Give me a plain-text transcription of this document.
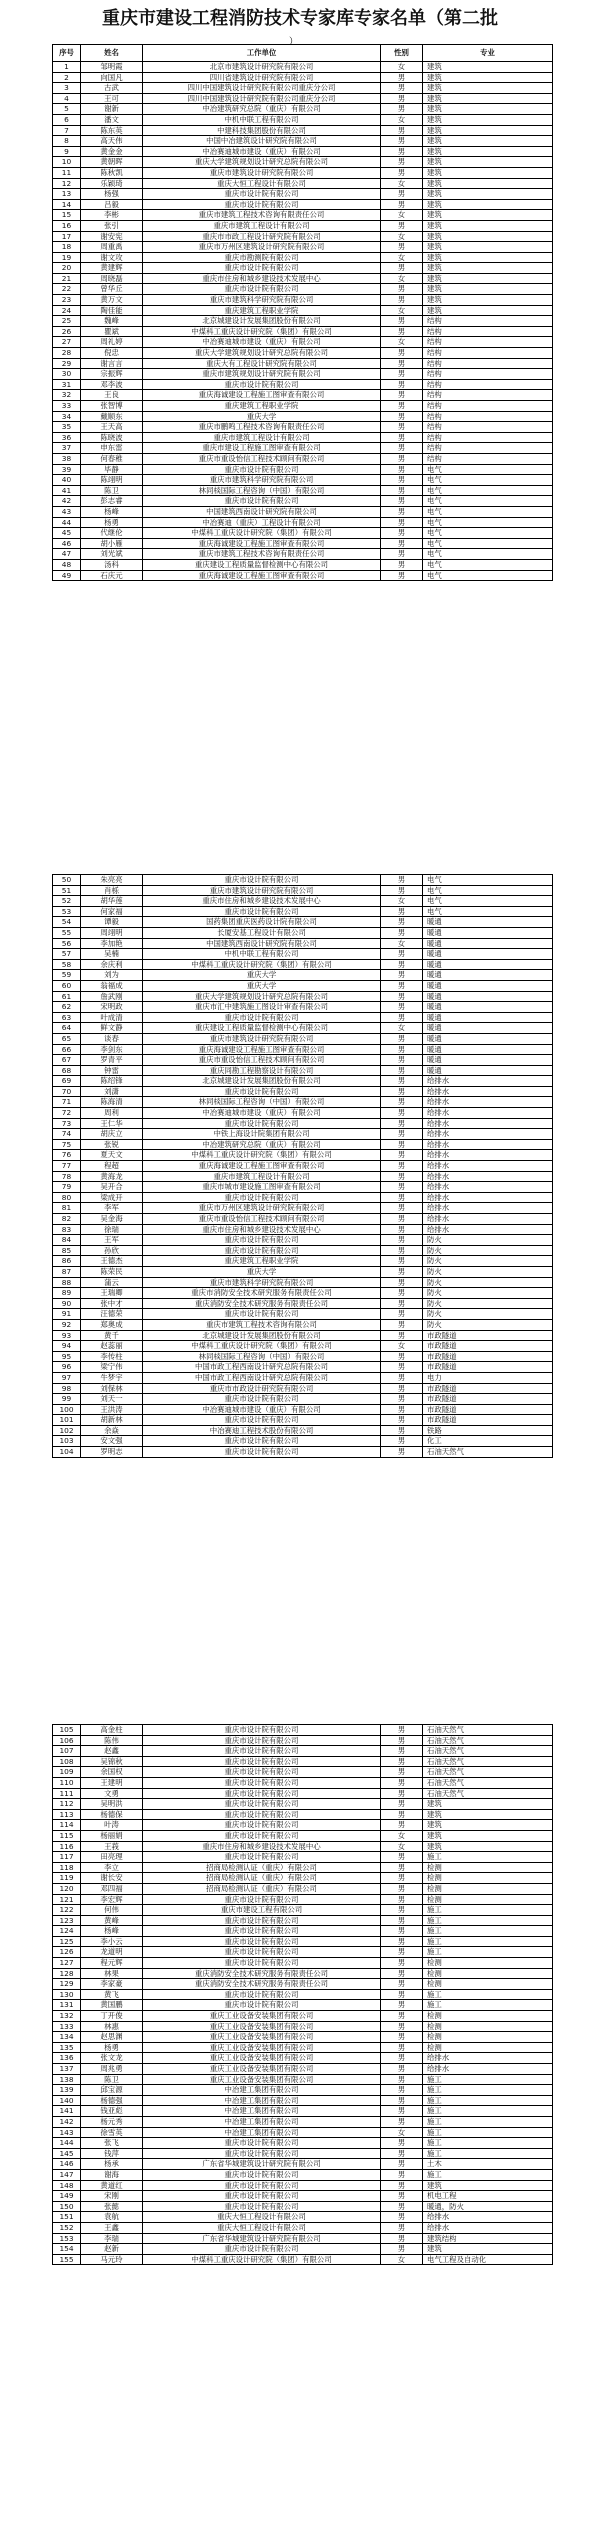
重庆市建设工程消防技术专家库专家名单（第二批
）
序号	姓名	工作单位	性别	专业
1	邹明霞	北京市建筑设计研究院有限公司	女	建筑
2	向国凡	四川省建筑设计研究院有限公司	男	建筑
3	古武	四川中国建筑设计研究院有限公司重庆分公司	男	建筑
4	王可	四川中国建筑设计研究院有限公司重庆分公司	男	建筑
5	谢新	中冶建筑研究总院（重庆）有限公司	男	建筑
6	潘文	中机中联工程有限公司	女	建筑
7	陈东英	中建科技集团股份有限公司	男	建筑
8	高天伟	中国中冶建筑设计研究院有限公司	男	建筑
9	黄金金	中冶赛迪城市建设（重庆）有限公司	男	建筑
10	黄朝晖	重庆大学建筑规划设计研究总院有限公司	男	建筑
11	陈秋凯	重庆市建筑设计研究院有限公司	男	建筑
12	乐颖琦	重庆大恒工程设计有限公司	女	建筑
13	杨强	重庆市设计院有限公司	男	建筑
14	吕毅	重庆市设计院有限公司	男	建筑
15	李彬	重庆市建筑工程技术咨询有限责任公司	女	建筑
16	张引	重庆市建筑工程设计有限公司	男	建筑
17	谢安宪	重庆市市政工程设计研究院有限公司	女	建筑
18	周重禹	重庆市万州区建筑设计研究院有限公司	男	建筑
19	谢文攻	重庆市勘测院有限公司	女	建筑
20	黄建辉	重庆市设计院有限公司	男	建筑
21	周晓磊	重庆市住房和城乡建设技术发展中心	女	建筑
22	曾华丘	重庆市设计院有限公司	男	建筑
23	黄万文	重庆市建筑科学研究院有限公司	男	建筑
24	陶佳能	重庆建筑工程职业学院	女	建筑
25	魏峰	北京城建设计发展集团股份有限公司	男	结构
26	瞿斌	中煤科工重庆设计研究院（集团）有限公司	男	结构
27	周礼婷	中冶赛迪城市建设（重庆）有限公司	女	结构
28	倪忠	重庆大学建筑规划设计研究总院有限公司	男	结构
29	谢言言	重庆大有工程设计研究院有限公司	男	结构
30	宗振辉	重庆市建筑规划设计研究院有限公司	男	结构
31	邓李波	重庆市设计院有限公司	男	结构
32	王良	重庆海诚建设工程施工图审查有限公司	男	结构
33	张智博	重庆建筑工程职业学院	男	结构
34	戴顺东	重庆大学	男	结构
35	王天高	重庆市鹏鸣工程技术咨询有限责任公司	男	结构
36	陈晓波	重庆市建筑工程设计有限公司	男	结构
37	申东雷	重庆市建设工程施工图审查有限公司	男	结构
38	何春稚	重庆市重设怡信工程技术顾问有限公司	男	结构
39	毕静	重庆市设计院有限公司	男	电气
40	陈翊明	重庆市建筑科学研究院有限公司	男	电气
41	陈卫	林同棪国际工程咨询（中国）有限公司	男	电气
42	彭志睿	重庆市设计院有限公司	男	电气
43	杨峰	中国建筑西南设计研究院有限公司	男	电气
44	杨勇	中冶赛迪（重庆）工程设计有限公司	男	电气
45	代继伦	中煤科工重庆设计研究院（集团）有限公司	男	电气
46	胡小雁	重庆海诚建设工程施工图审查有限公司	男	电气
47	刘光斌	重庆市建筑工程技术咨询有限责任公司	男	电气
48	汤科	重庆建设工程质量监督检测中心有限公司	男	电气
49	石庆元	重庆海诚建设工程施工图审查有限公司	男	电气
50	朱亮亮	重庆市设计院有限公司	男	电气
51	肖栎	重庆市建筑设计研究院有限公司	男	电气
52	胡华莲	重庆市住房和城乡建设技术发展中心	女	电气
53	何家福	重庆市设计院有限公司	男	电气
54	谭毅	国药集团重庆医药设计院有限公司	男	暖通
55	周翊明	长厦安基工程设计有限公司	男	暖通
56	李加艳	中国建筑西南设计研究院有限公司	女	暖通
57	吴楠	中机中联工程有限公司	男	暖通
58	余庆利	中煤科工重庆设计研究院（集团）有限公司	男	暖通
59	刘为	重庆大学	男	暖通
60	翁福成	重庆大学	男	暖通
61	詹武刚	重庆大学建筑规划设计研究总院有限公司	男	暖通
62	宋明政	重庆市汇中建筑施工图设计审查有限公司	男	暖通
63	叶成清	重庆市设计院有限公司	男	暖通
64	鲜文静	重庆建设工程质量监督检测中心有限公司	女	暖通
65	谈春	重庆市建筑设计研究院有限公司	男	暖通
66	李剑东	重庆海诚建设工程施工图审查有限公司	男	暖通
67	罗青平	重庆市重设怡信工程技术顾问有限公司	男	暖通
68	钟雷	重庆同勘工程勘察设计有限公司	男	暖通
69	陈绍锋	北京城建设计发展集团股份有限公司	男	给排水
70	刘潇	重庆市设计院有限公司	男	给排水
71	陈海清	林同棪国际工程咨询（中国）有限公司	男	给排水
72	周利	中冶赛迪城市建设（重庆）有限公司	男	给排水
73	王仁华	重庆市设计院有限公司	男	给排水
74	胡庆立	中铁上海设计院集团有限公司	男	给排水
75	张锐	中冶建筑研究总院（重庆）有限公司	男	给排水
76	夏天文	中煤科工重庆设计研究院（集团）有限公司	男	给排水
77	程超	重庆海诚建设工程施工图审查有限公司	男	给排水
78	黄海龙	重庆市建筑工程设计有限公司	男	给排水
79	吴开合	重庆市城市建设施工图审查有限公司	男	给排水
80	梁成开	重庆市设计院有限公司	男	给排水
81	李军	重庆市万州区建筑设计研究院有限公司	男	给排水
82	吴金海	重庆市重设怡信工程技术顾问有限公司	男	给排水
83	徐瑞	重庆市住房和城乡建设技术发展中心	男	给排水
84	王军	重庆市设计院有限公司	男	防火
85	孙欣	重庆市设计院有限公司	男	防火
86	王德杰	重庆建筑工程职业学院	男	防火
87	陈荣民	重庆大学	男	防火
88	蒲云	重庆市建筑科学研究院有限公司	男	防火
89	王瑞卿	重庆市消防安全技术研究服务有限责任公司	男	防火
90	张中才	重庆消防安全技术研究服务有限责任公司	男	防火
91	汪德荣	重庆市设计院有限公司	男	防火
92	郑奥成	重庆市建筑工程技术咨询有限公司	男	防火
93	黄千	北京城建设计发展集团股份有限公司	男	市政隧道
94	赵蕊丽	中煤科工重庆设计研究院（集团）有限公司	女	市政隧道
95	李传柱	林同棪国际工程咨询（中国）有限公司	男	市政隧道
96	梁宁伟	中国市政工程西南设计研究总院有限公司	男	市政隧道
97	牛梦宇	中国市政工程西南设计研究总院有限公司	男	电力
98	刘保林	重庆市市政设计研究院有限公司	男	市政隧道
99	刘天一	重庆市设计院有限公司	男	市政隧道
100	王洪涛	中冶赛迪城市建设（重庆）有限公司	男	市政隧道
101	胡新林	重庆市设计院有限公司	男	市政隧道
102	余焱	中冶赛迪工程技术股份有限公司	男	铁路
103	安文强	重庆市设计院有限公司	男	化工
104	罗明志	重庆市设计院有限公司	男	石油天然气
105	高金柱	重庆市设计院有限公司	男	石油天然气
106	陈伟	重庆市设计院有限公司	男	石油天然气
107	赵鑫	重庆市设计院有限公司	男	石油天然气
108	吴锦秋	重庆市设计院有限公司	男	石油天然气
109	余国权	重庆市设计院有限公司	男	石油天然气
110	王建明	重庆市设计院有限公司	男	石油天然气
111	文勇	重庆市设计院有限公司	男	石油天然气
112	吴明洪	重庆市设计院有限公司	男	建筑
113	杨德保	重庆市设计院有限公司	男	建筑
114	叶涛	重庆市设计院有限公司	男	建筑
115	杨丽娟	重庆市设计院有限公司	女	建筑
116	王莪	重庆市住房和城乡建设技术发展中心	女	建筑
117	田亮理	重庆市设计院有限公司	男	施工
118	李立	招商局检测认证（重庆）有限公司	男	检测
119	谢长安	招商局检测认证（重庆）有限公司	男	检测
120	邓四福	招商局检测认证（重庆）有限公司	男	检测
121	李宏辉	重庆市设计院有限公司	男	检测
122	何伟	重庆市建设工程有限公司	男	施工
123	黄峰	重庆市设计院有限公司	男	施工
124	杨峰	重庆市设计院有限公司	男	施工
125	李小云	重庆市设计院有限公司	男	施工
126	龙道明	重庆市设计院有限公司	男	施工
127	程元辉	重庆市设计院有限公司	男	检测
128	林果	重庆消防安全技术研究服务有限责任公司	男	检测
129	李家豪	重庆消防安全技术研究服务有限责任公司	男	检测
130	黄飞	重庆市设计院有限公司	男	施工
131	黄国鹏	重庆市设计院有限公司	男	施工
132	丁开俊	重庆工业设备安装集团有限公司	男	检测
133	林惠	重庆工业设备安装集团有限公司	男	检测
134	赵思渊	重庆工业设备安装集团有限公司	男	检测
135	杨勇	重庆工业设备安装集团有限公司	男	检测
136	张文龙	重庆工业设备安装集团有限公司	男	给排水
137	周兆勇	重庆工业设备安装集团有限公司	男	给排水
138	陈卫	重庆工业设备安装集团有限公司	男	施工
139	邱宝源	中冶建工集团有限公司	男	施工
140	杨德强	中冶建工集团有限公司	男	施工
141	钱亚彪	中冶建工集团有限公司	男	施工
142	杨元秀	中冶建工集团有限公司	男	施工
143	徐雪英	中冶建工集团有限公司	女	施工
144	张飞	重庆市设计院有限公司	男	施工
145	钱萍	重庆市设计院有限公司	男	施工
146	杨承	广东省华城建筑设计研究院有限公司	男	土木
147	谢海	重庆市设计院有限公司	男	施工
148	黄道红	重庆市设计院有限公司	男	建筑
149	宋刚	重庆市设计院有限公司	男	机电工程
150	张懿	重庆市设计院有限公司	男	暖通，防火
151	袁航	重庆大恒工程设计有限公司	男	给排水
152	王鑫	重庆大恒工程设计有限公司	男	给排水
153	李瑞	广东省华城建筑设计研究院有限公司	男	建筑结构
154	赵新	重庆市设计院有限公司	男	建筑
155	马元玲	中煤科工重庆设计研究院（集团）有限公司	女	电气工程及自动化
